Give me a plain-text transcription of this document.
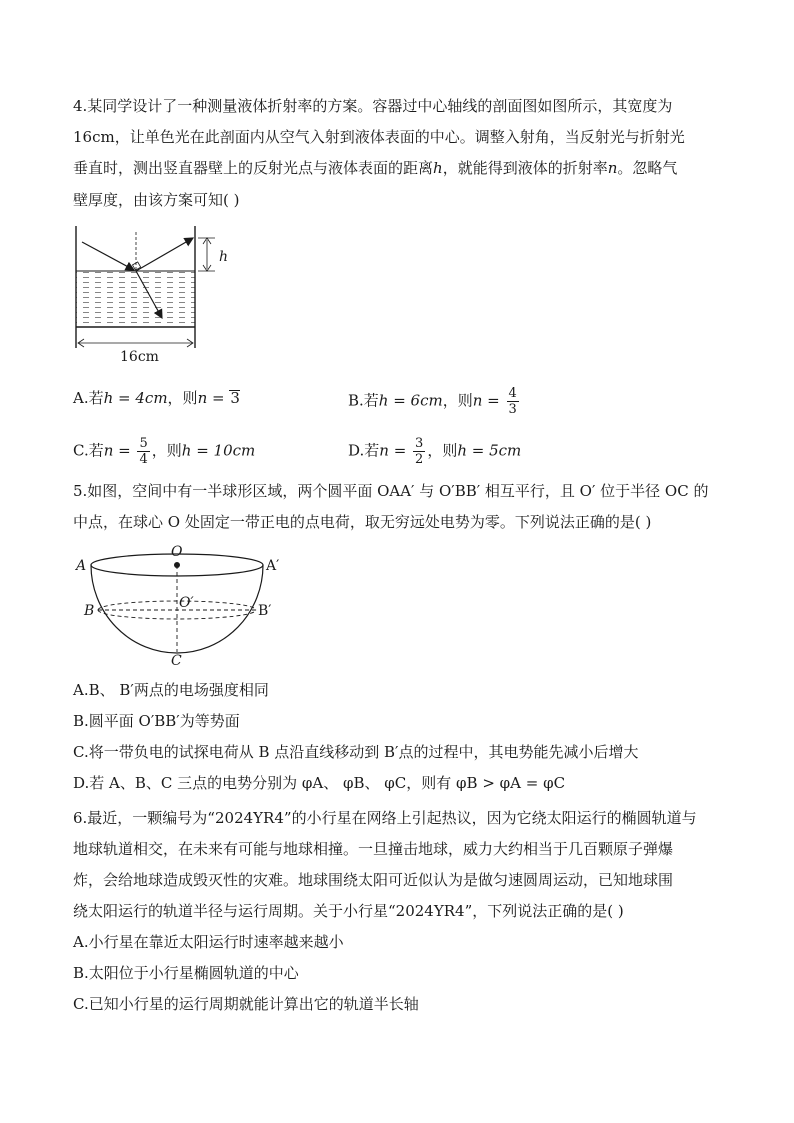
4.某同学设计了一种测量液体折射率的方案。容器过中心轴线的剖面图如图所示，其宽度为
16cm，让单色光在此剖面内从空气入射到液体表面的中心。调整入射角，当反射光与折射光
垂直时，测出竖直器壁上的反射光点与液体表面的距离h，就能得到液体的折射率n。忽略气
壁厚度，由该方案可知( )
h
16cm
A.若h = 4cm，则n = 3	B.若h = 6cm，则$n = \frac{4}{3}$
C.若$n = \frac{5}{4}$ ，则h = 10cm	D.若$n = \frac{3}{2}$ ，则h = 5cm
5.如图，空间中有一半球形区域，两个圆平面 OAA′ 与 O′BB′ 相互平行，且 O′ 位于半径 OC 的
中点，在球心 O 处固定一带正电的点电荷，取无穷远处电势为零。下列说法正确的是( )
O
A	A′
B	B′
O′
C
A.B、 B′两点的电场强度相同
B.圆平面 O′BB′为等势面
C.将一带负电的试探电荷从 B 点沿直线移动到 B′点的过程中，其电势能先减小后增大
D.若 A、B、C 三点的电势分别为 φA、 φB、 φC，则有 φB > φA = φC
6.最近，一颗编号为“2024YR4”的小行星在网络上引起热议，因为它绕太阳运行的椭圆轨道与
地球轨道相交，在未来有可能与地球相撞。一旦撞击地球，威力大约相当于几百颗原子弹爆
炸，会给地球造成毁灭性的灾难。地球围绕太阳可近似认为是做匀速圆周运动，已知地球围
绕太阳运行的轨道半径与运行周期。关于小行星“2024YR4”，下列说法正确的是( )
A.小行星在靠近太阳运行时速率越来越小
B.太阳位于小行星椭圆轨道的中心
C.已知小行星的运行周期就能计算出它的轨道半长轴
